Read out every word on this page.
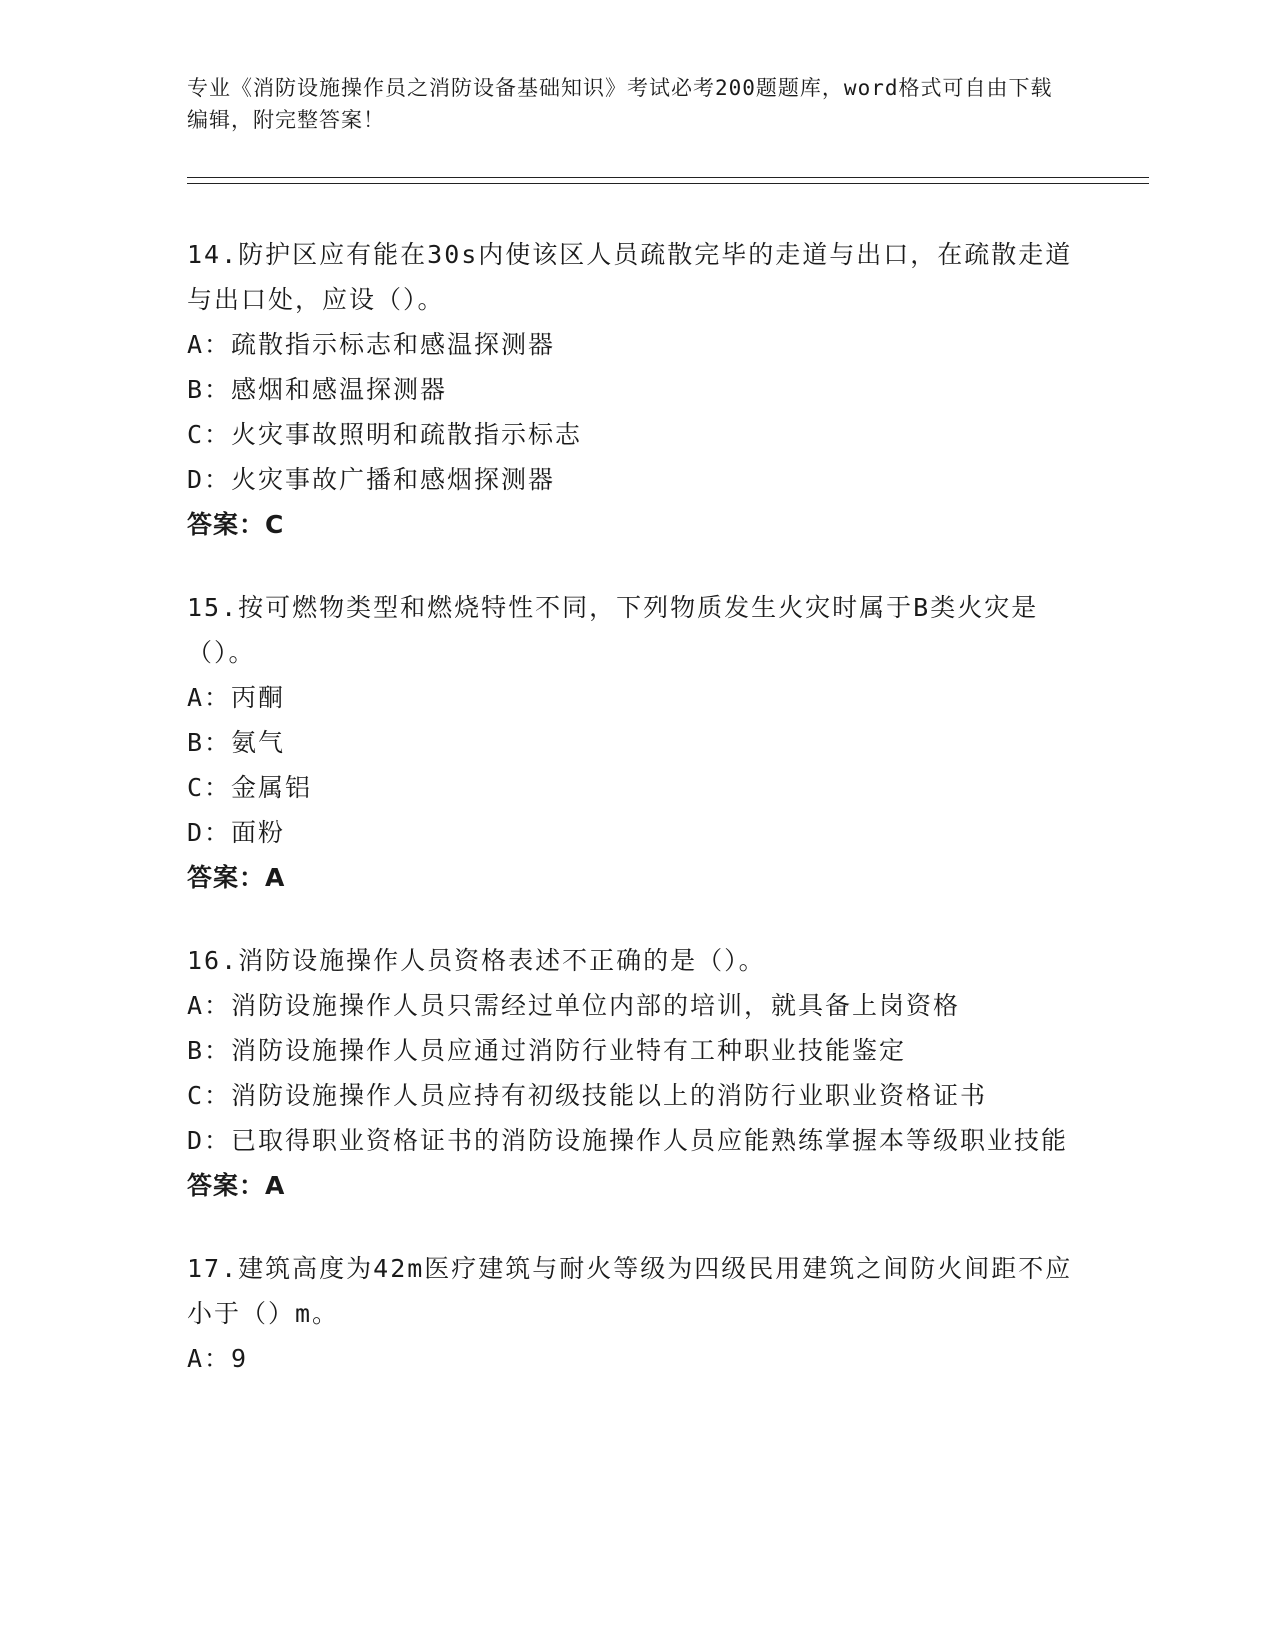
专业《消防设施操作员之消防设备基础知识》考试必考200题题库，word格式可自由下载编辑，附完整答案！
14.防护区应有能在30s内使该区人员疏散完毕的走道与出口，在疏散走道与出口处，应设（）。
A：疏散指示标志和感温探测器
B：感烟和感温探测器
C：火灾事故照明和疏散指示标志
D：火灾事故广播和感烟探测器
答案：C
15.按可燃物类型和燃烧特性不同，下列物质发生火灾时属于B类火灾是（）。
A：丙酮
B：氨气
C：金属铝
D：面粉
答案：A
16.消防设施操作人员资格表述不正确的是（）。
A：消防设施操作人员只需经过单位内部的培训，就具备上岗资格
B：消防设施操作人员应通过消防行业特有工种职业技能鉴定
C：消防设施操作人员应持有初级技能以上的消防行业职业资格证书
D：已取得职业资格证书的消防设施操作人员应能熟练掌握本等级职业技能
答案：A
17.建筑高度为42m医疗建筑与耐火等级为四级民用建筑之间防火间距不应小于（）m。
A：9
